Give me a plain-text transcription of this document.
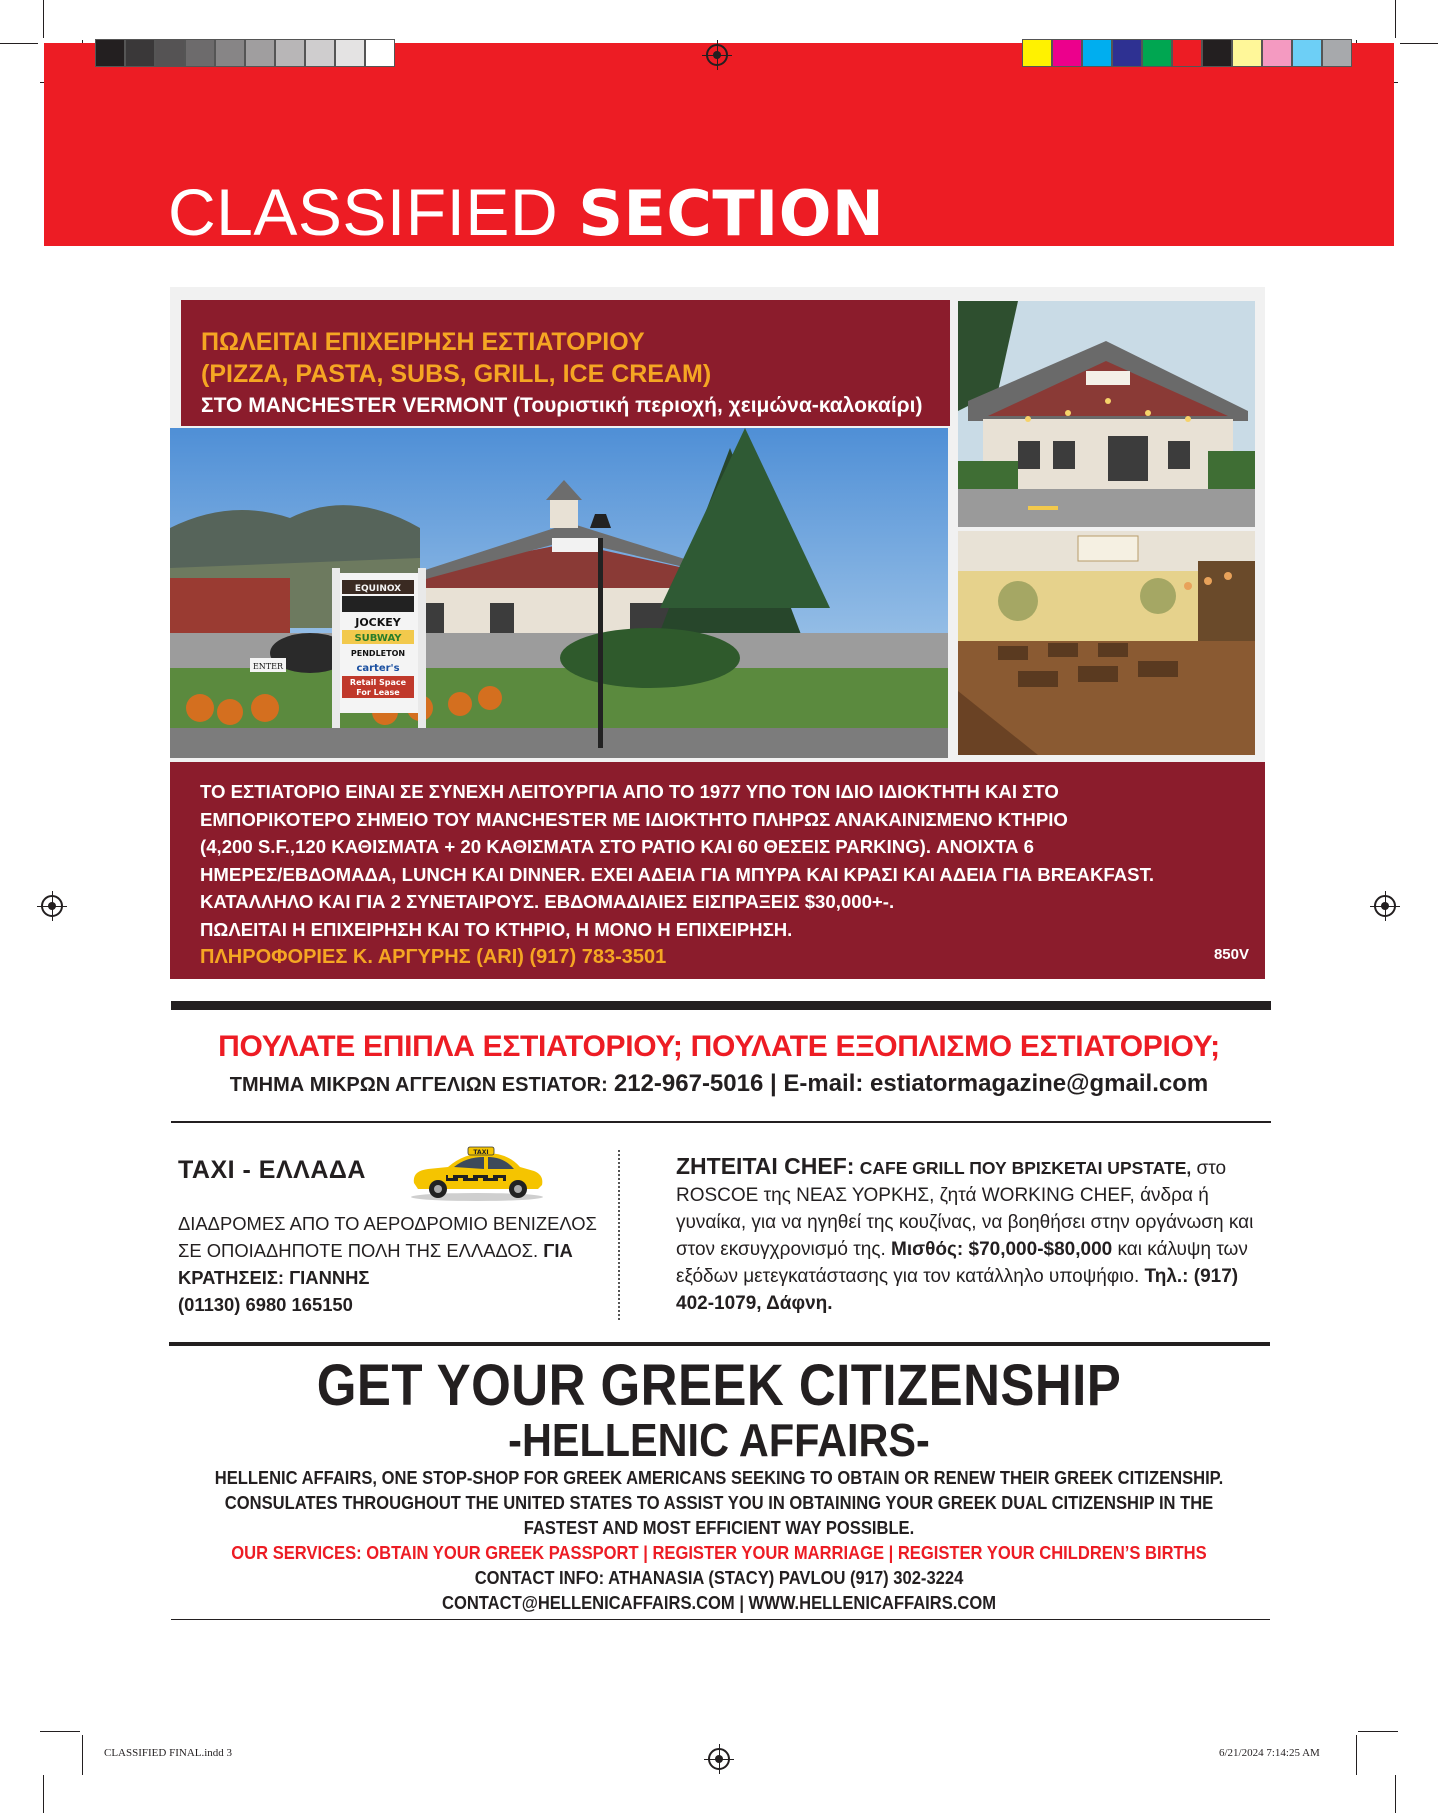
CLASSIFIED SECTION
ΠΩΛΕΙΤΑΙ ΕΠΙΧΕΙΡΗΣΗ ΕΣΤΙΑΤΟΡΙΟΥ
(PIZZA, PASTA, SUBS, GRILL, ICE CREAM)
ΣΤΟ MANCHESTER VERMONT (Τουριστική περιοχή, χειμώνα-καλοκαίρι)
EQUINOX
JOCKEY
SUBWAY
PENDLETON
carter's
Retail Space
For Lease
ENTER

ΤΟ ΕΣΤΙΑΤΟΡΙΟ ΕΙΝΑΙ ΣΕ ΣΥΝΕΧΗ ΛΕΙΤΟΥΡΓΙΑ ΑΠΟ ΤΟ 1977 ΥΠΟ ΤΟΝ ΙΔΙΟ ΙΔΙΟΚΤΗΤΗ ΚΑΙ ΣΤΟ

ΕΜΠΟΡΙΚΟΤΕΡΟ ΣΗΜΕΙΟ ΤΟΥ MANCHESTER ΜΕ ΙΔΙΟΚΤΗΤΟ ΠΛΗΡΩΣ ΑΝΑΚΑΙΝΙΣΜΕΝΟ ΚΤΗΡΙΟ

(4,200 S.F.,120 ΚΑΘΙΣΜΑΤΑ + 20 ΚΑΘΙΣΜΑΤΑ ΣΤΟ PATIO ΚΑΙ 60 ΘΕΣΕΙΣ PARKING). ΑΝΟΙΧΤΑ 6

ΗΜΕΡΕΣ/ΕΒΔΟΜΑΔΑ, LUNCH ΚΑΙ DINNER. ΕΧΕΙ ΑΔΕΙΑ ΓΙΑ ΜΠΥΡΑ ΚΑΙ ΚΡΑΣΙ ΚΑΙ ΑΔΕΙΑ ΓΙΑ BREAKFAST.

ΚΑΤΑΛΛΗΛΟ ΚΑΙ ΓΙΑ 2 ΣΥΝΕΤΑΙΡΟΥΣ. ΕΒΔΟΜΑΔΙΑΙΕΣ ΕΙΣΠΡΑΞΕΙΣ $30,000+-.

ΠΩΛΕΙΤΑΙ Η ΕΠΙΧΕΙΡΗΣΗ ΚΑΙ ΤΟ ΚΤΗΡΙΟ, Η ΜΟΝΟ Η ΕΠΙΧΕΙΡΗΣΗ.

ΠΛΗΡΟΦΟΡΙΕΣ Κ. ΑΡΓΥΡΗΣ (ARI) (917) 783-3501	850V
ΠΟΥΛΑΤΕ ΕΠΙΠΛΑ ΕΣΤΙΑΤΟΡΙΟΥ; ΠΟΥΛΑΤΕ ΕΞΟΠΛΙΣΜΟ ΕΣΤΙΑΤΟΡΙΟΥ;
ΤΜΗΜΑ ΜΙΚΡΩΝ ΑΓΓΕΛΙΩΝ ESTIATOR: 212-967-5016 | E-mail: estiatormagazine@gmail.com
TAXI - ΕΛΛΑΔΑ
TAXI
ΔΙΑΔΡΟΜΕΣ ΑΠΟ ΤΟ ΑΕΡΟΔΡΟΜΙΟ ΒΕΝΙΖΕΛΟΣ ΣΕ ΟΠΟΙΑΔΗΠΟΤΕ ΠΟΛΗ ΤΗΣ ΕΛΛΑΔΟΣ. ΓΙΑ ΚΡΑΤΗΣΕΙΣ: ΓΙΑΝΝΗΣ
(01130) 6980 165150
ΖΗΤΕΙΤΑΙ CHEF: CAFE GRILL ΠΟΥ ΒΡΙΣΚΕΤΑΙ UPSTATE, στο ROSCOE της ΝΕΑΣ ΥΟΡΚΗΣ, ζητά WORKING CHEF, άνδρα ή γυναίκα, για να ηγηθεί της κουζίνας, να βοηθήσει στην οργάνωση και στον εκσυγχρονισμό της. Μισθός: $70,000-$80,000 και κάλυψη των εξόδων μετεγκατάστασης για τον κατάλληλο υποψήφιο. Τηλ.: (917) 402-1079, Δάφνη.
GET YOUR GREEK CITIZENSHIP
-HELLENIC AFFAIRS-
HELLENIC AFFAIRS, ONE STOP-SHOP FOR GREEK AMERICANS SEEKING TO OBTAIN OR RENEW THEIR GREEK CITIZENSHIP.
CONSULATES THROUGHOUT THE UNITED STATES TO ASSIST YOU IN OBTAINING YOUR GREEK DUAL CITIZENSHIP IN THE
FASTEST AND MOST EFFICIENT WAY POSSIBLE.
OUR SERVICES: OBTAIN YOUR GREEK PASSPORT | REGISTER YOUR MARRIAGE | REGISTER YOUR CHILDREN’S BIRTHS
CONTACT INFO: ATHANASIA (STACY) PAVLOU (917) 302-3224
CONTACT@HELLENICAFFAIRS.COM | WWW.HELLENICAFFAIRS.COM
CLASSIFIED FINAL.indd 3	6/21/2024 7:14:25 AM
